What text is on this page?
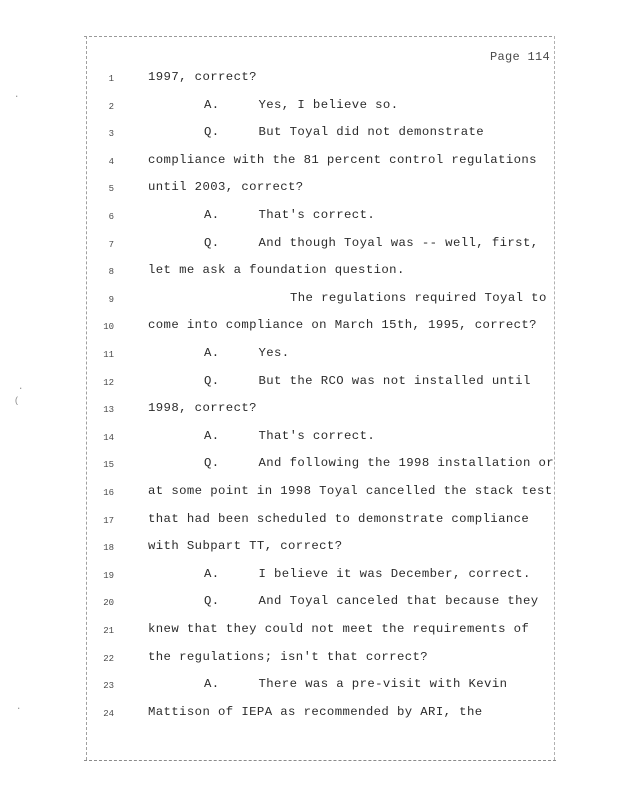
·
·
(
·
Page 114
1	1997, correct?
2	A.     Yes, I believe so.
3	Q.     But Toyal did not demonstrate
4	compliance with the 81 percent control regulations
5	until 2003, correct?
6	A.     That's correct.
7	Q.     And though Toyal was -- well, first,
8	let me ask a foundation question.
9	The regulations required Toyal to
10	come into compliance on March 15th, 1995, correct?
11	A.     Yes.
12	Q.     But the RCO was not installed until
13	1998, correct?
14	A.     That's correct.
15	Q.     And following the 1998 installation or
16	at some point in 1998 Toyal cancelled the stack test
17	that had been scheduled to demonstrate compliance
18	with Subpart TT, correct?
19	A.     I believe it was December, correct.
20	Q.     And Toyal canceled that because they
21	knew that they could not meet the requirements of
22	the regulations; isn't that correct?
23	A.     There was a pre-visit with Kevin
24	Mattison of IEPA as recommended by ARI, the
